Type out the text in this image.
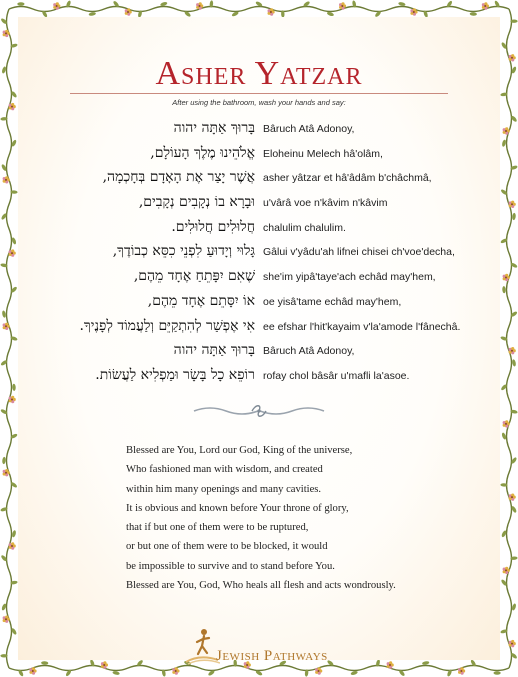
Asher Yatzar
After using the bathroom, wash your hands and say:
בָּרוּךְ אַתָּה יהוה Bâruch Atâ Adonoy,
אֱלֹהֵינוּ מֶלֶךְ הָעוֹלָם, Eloheinu Melech hâ'olâm,
אֲשֶׁר יָצַר אֶת הָאָדָם בְּחָכְמָה, asher yâtzar et hâ'âdâm b'châchmâ,
וּבָרָא בוֹ נְקָבִים נְקָבִים, u'vârâ voe n'kâvim n'kâvim
חֲלוּלִים חֲלוּלִים. chalulim chalulim.
גָּלוּי וְיָדוּעַ לִפְנֵי כִסֵּא כְבוֹדֶךָ, Gâlui v'yâdu'ah lifnei chisei ch'voe'decha,
שֶׁאִם יִפָּתֵחַ אֶחָד מֵהֶם, she'im yipâ'taye'ach echâd may'hem,
אוֹ יִסָּתֵם אֶחָד מֵהֶם, oe yisâ'tame echâd may'hem,
אִי אֶפְשַׁר לְהִתְקַיֵּם וְלַעֲמוֹד לְפָנֶיךָ. ee efshar l'hit'kayaim v'la'amode l'fânechâ.
בָּרוּךְ אַתָּה יהוה Bâruch Atâ Adonoy,
רוֹפֵא כָל בָּשָׂר וּמַפְלִיא לַעֲשׂוֹת. rofay chol bâsâr u'mafli la'asoe.
Blessed are You, Lord our God, King of the universe,
Who fashioned man with wisdom, and created
within him many openings and many cavities.
It is obvious and known before Your throne of glory,
that if but one of them were to be ruptured,
or but one of them were to be blocked, it would
be impossible to survive and to stand before You.
Blessed are You, God, Who heals all flesh and acts wondrously.
Jewish Pathways
